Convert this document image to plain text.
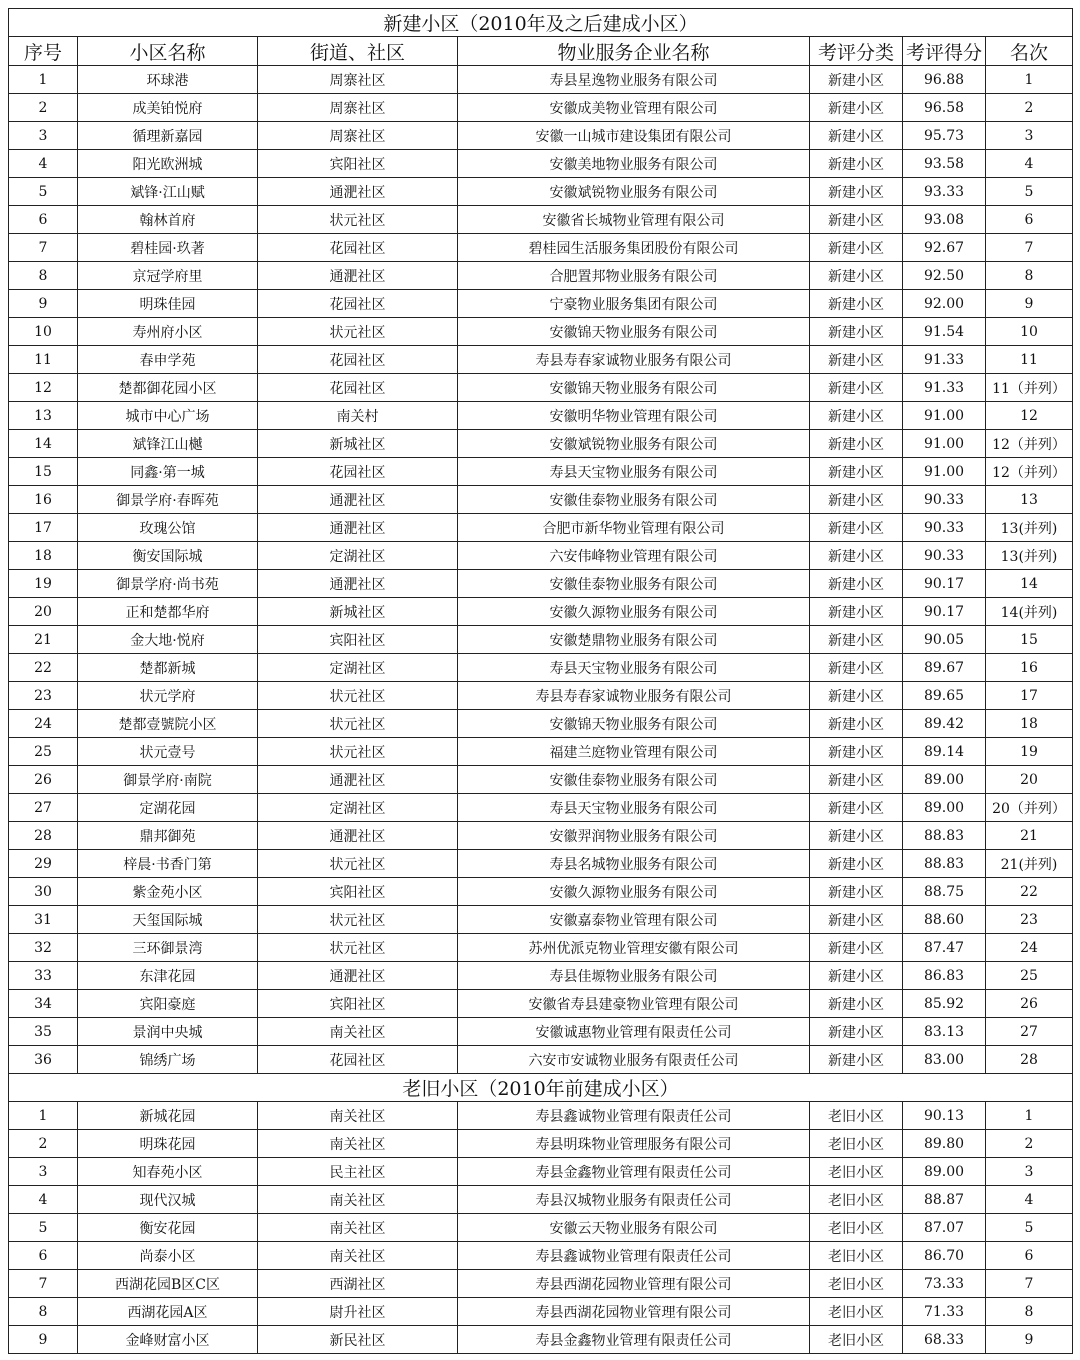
新建小区（2010年及之后建成小区）						
序号	小区名称	街道、社区	物业服务企业名称	考评分类	考评得分	名次
1	环球港	周寨社区	寿县星逸物业服务有限公司	新建小区	96.88	1
2	成美铂悦府	周寨社区	安徽成美物业管理有限公司	新建小区	96.58	2
3	循理新嘉园	周寨社区	安徽一山城市建设集团有限公司	新建小区	95.73	3
4	阳光欧洲城	宾阳社区	安徽美地物业服务有限公司	新建小区	93.58	4
5	斌锋·江山赋	通淝社区	安徽斌锐物业服务有限公司	新建小区	93.33	5
6	翰林首府	状元社区	安徽省长城物业管理有限公司	新建小区	93.08	6
7	碧桂园·玖著	花园社区	碧桂园生活服务集团股份有限公司	新建小区	92.67	7
8	京冠学府里	通淝社区	合肥置邦物业服务有限公司	新建小区	92.50	8
9	明珠佳园	花园社区	宁豪物业服务集团有限公司	新建小区	92.00	9
10	寿州府小区	状元社区	安徽锦天物业服务有限公司	新建小区	91.54	10
11	春申学苑	花园社区	寿县寿春家诚物业服务有限公司	新建小区	91.33	11
12	楚都御花园小区	花园社区	安徽锦天物业服务有限公司	新建小区	91.33	11（并列）
13	城市中心广场	南关村	安徽明华物业管理有限公司	新建小区	91.00	12
14	斌锋江山樾	新城社区	安徽斌锐物业服务有限公司	新建小区	91.00	12（并列）
15	同鑫·第一城	花园社区	寿县天宝物业服务有限公司	新建小区	91.00	12（并列）
16	御景学府·春晖苑	通淝社区	安徽佳泰物业服务有限公司	新建小区	90.33	13
17	玫瑰公馆	通淝社区	合肥市新华物业管理有限公司	新建小区	90.33	13(并列)
18	衡安国际城	定湖社区	六安伟峰物业管理有限公司	新建小区	90.33	13(并列)
19	御景学府·尚书苑	通淝社区	安徽佳泰物业服务有限公司	新建小区	90.17	14
20	正和楚都华府	新城社区	安徽久源物业服务有限公司	新建小区	90.17	14(并列)
21	金大地·悦府	宾阳社区	安徽楚鼎物业服务有限公司	新建小区	90.05	15
22	楚都新城	定湖社区	寿县天宝物业服务有限公司	新建小区	89.67	16
23	状元学府	状元社区	寿县寿春家诚物业服务有限公司	新建小区	89.65	17
24	楚都壹號院小区	状元社区	安徽锦天物业服务有限公司	新建小区	89.42	18
25	状元壹号	状元社区	福建兰庭物业管理有限公司	新建小区	89.14	19
26	御景学府·南院	通淝社区	安徽佳泰物业服务有限公司	新建小区	89.00	20
27	定湖花园	定湖社区	寿县天宝物业服务有限公司	新建小区	89.00	20（并列）
28	鼎邦御苑	通淝社区	安徽羿润物业服务有限公司	新建小区	88.83	21
29	梓晨·书香门第	状元社区	寿县名城物业服务有限公司	新建小区	88.83	21(并列)
30	紫金苑小区	宾阳社区	安徽久源物业服务有限公司	新建小区	88.75	22
31	天玺国际城	状元社区	安徽嘉泰物业管理有限公司	新建小区	88.60	23
32	三环御景湾	状元社区	苏州优派克物业管理安徽有限公司	新建小区	87.47	24
33	东津花园	通淝社区	寿县佳塬物业服务有限公司	新建小区	86.83	25
34	宾阳豪庭	宾阳社区	安徽省寿县建豪物业管理有限公司	新建小区	85.92	26
35	景润中央城	南关社区	安徽诚惠物业管理有限责任公司	新建小区	83.13	27
36	锦绣广场	花园社区	六安市安诚物业服务有限责任公司	新建小区	83.00	28
老旧小区（2010年前建成小区）						
1	新城花园	南关社区	寿县鑫诚物业管理有限责任公司	老旧小区	90.13	1
2	明珠花园	南关社区	寿县明珠物业管理服务有限公司	老旧小区	89.80	2
3	知春苑小区	民主社区	寿县金鑫物业管理有限责任公司	老旧小区	89.00	3
4	现代汉城	南关社区	寿县汉城物业服务有限责任公司	老旧小区	88.87	4
5	衡安花园	南关社区	安徽云天物业服务有限公司	老旧小区	87.07	5
6	尚泰小区	南关社区	寿县鑫诚物业管理有限责任公司	老旧小区	86.70	6
7	西湖花园B区C区	西湖社区	寿县西湖花园物业管理有限公司	老旧小区	73.33	7
8	西湖花园A区	尉升社区	寿县西湖花园物业管理有限公司	老旧小区	71.33	8
9	金峰财富小区	新民社区	寿县金鑫物业管理有限责任公司	老旧小区	68.33	9
